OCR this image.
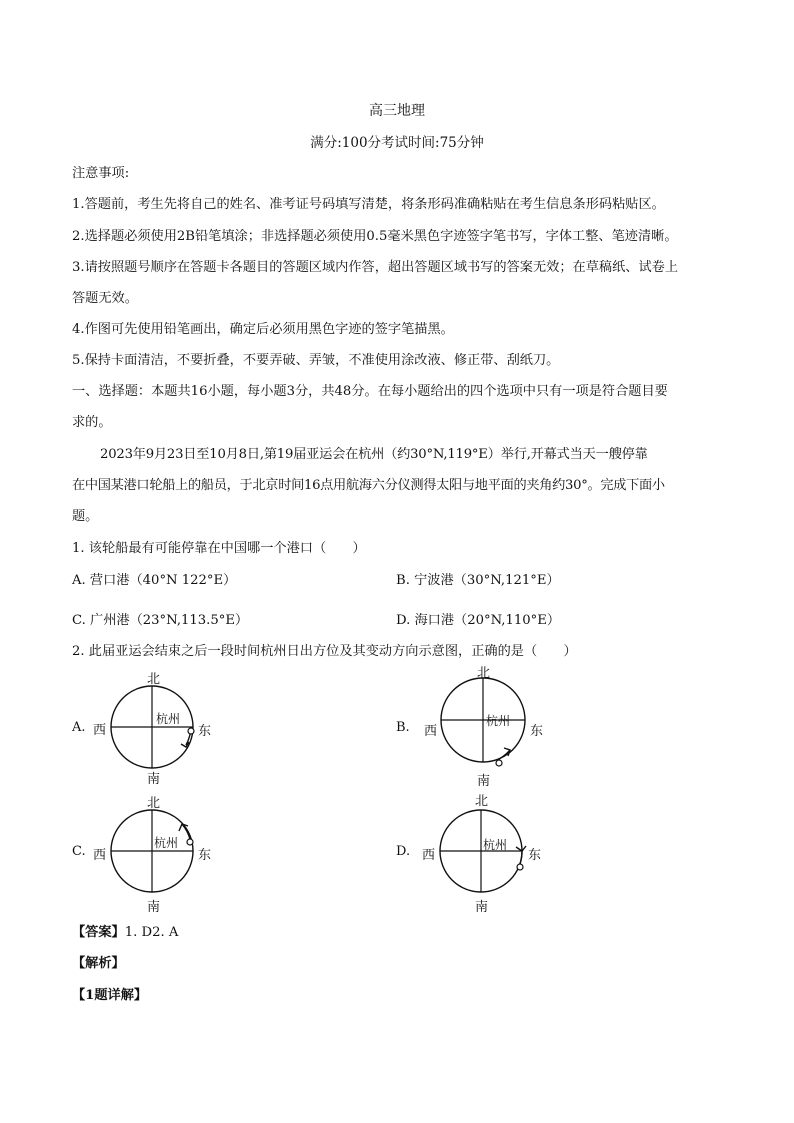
高三地理
满分:100分考试时间:75分钟
注意事项:
1.答题前，考生先将自己的姓名、准考证号码填写清楚，将条形码准确粘贴在考生信息条形码粘贴区。
2.选择题必须使用2B铅笔填涂；非选择题必须使用0.5毫米黑色字迹签字笔书写，字体工整、笔迹清晰。
3.请按照题号顺序在答题卡各题目的答题区域内作答，超出答题区域书写的答案无效；在草稿纸、试卷上
答题无效。
4.作图可先使用铅笔画出，确定后必须用黑色字迹的签字笔描黑。
5.保持卡面清洁，不要折叠，不要弄破、弄皱，不准使用涂改液、修正带、刮纸刀。
一、选择题：本题共16小题，每小题3分，共48分。在每小题给出的四个选项中只有一项是符合题目要
求的。
2023年9月23日至10月8日,第19届亚运会在杭州（约30°N,119°E）举行,开幕式当天一艘停靠
在中国某港口轮船上的船员，于北京时间16点用航海六分仪测得太阳与地平面的夹角约30°。完成下面小
题。
1. 该轮船最有可能停靠在中国哪一个港口（　　）
A. 营口港（40°N 122°E）	B. 宁波港（30°N,121°E）
C. 广州港（23°N,113.5°E）	D. 海口港（20°N,110°E）
2. 此届亚运会结束之后一段时间杭州日出方位及其变动方向示意图，正确的是（　　）
A.
北
西	东
南
杭州
B.
北
西	东
南
杭州
C.
北
西	东
南
杭州
D.
北
西	东
南
杭州
【答案】1. D2. A
【解析】
【1题详解】
